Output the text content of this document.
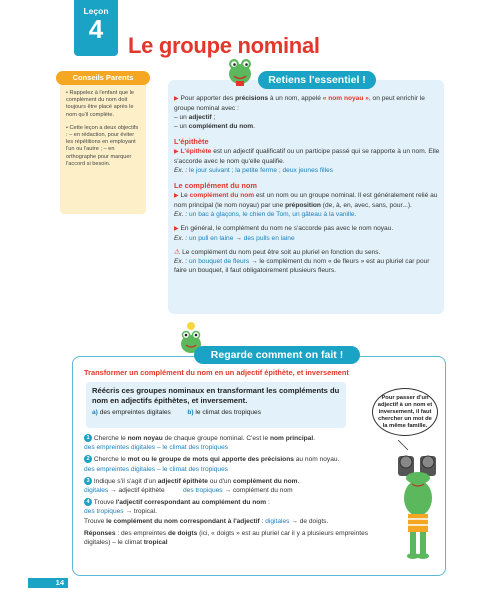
Leçon
4
Le groupe nominal
Conseils Parents

• Rappelez à l'enfant que le complément du nom doit toujours être placé après le nom qu'il complète.

• Cette leçon a deux objectifs : – en rédaction, pour éviter les répétitions en employant l'un ou l'autre ; – en orthographe pour marquer l'accord si besoin.

Retiens l'essentiel !
▶ Pour apporter des précisions à un nom, appelé « nom noyau », on peut enrichir le groupe nominal avec :
– un adjectif ;
– un complément du nom.
L'épithète
▶ L'épithète est un adjectif qualificatif ou un participe passé qui se rapporte à un nom. Elle s'accorde avec le nom qu'elle qualifie.
Ex. : le jour suivant ; la petite ferme ; deux jeunes filles
Le complément du nom
▶ Le complément du nom est un nom ou un groupe nominal. Il est généralement relié au nom principal (le nom noyau) par une préposition (de, à, en, avec, sans, pour...).
Ex. : un bac à glaçons, le chien de Tom, un gâteau à la vanille.
▶ En général, le complément du nom ne s'accorde pas avec le nom noyau.
Ex. : un pull en laine → des pulls en laine
⚠ Le complément du nom peut être soit au pluriel en fonction du sens.
Ex. : un bouquet de fleurs → le complément du nom « de fleurs » est au pluriel car pour faire un bouquet, il faut obligatoirement plusieurs fleurs.
Regarde comment on fait !
Transformer un complément du nom en un adjectif épithète, et inversement
Réécris ces groupes nominaux en transformant les compléments du nom en adjectifs épithètes, et inversement.
a) des empreintes digitales	b) le climat des tropiques
Pour passer d'un adjectif à un nom et inversement, il faut chercher un mot de la même famille.
1 Cherche le nom noyau de chaque groupe nominal. C'est le nom principal.
des empreintes digitales – le climat des tropiques
2 Cherche le mot ou le groupe de mots qui apporte des précisions au nom noyau.
des empreintes digitales – le climat des tropiques
3 Indique s'il s'agit d'un adjectif épithète ou d'un complément du nom.
digitales → adjectif épithète	des tropiques → complément du nom
4 Trouve l'adjectif correspondant au complément du nom :
des tropiques → tropical.
Trouve le complément du nom correspondant à l'adjectif : digitales → de doigts.
Réponses : des empreintes de doigts (ici, « doigts » est au pluriel car il y a plusieurs empreintes digitales) – le climat tropical
14
